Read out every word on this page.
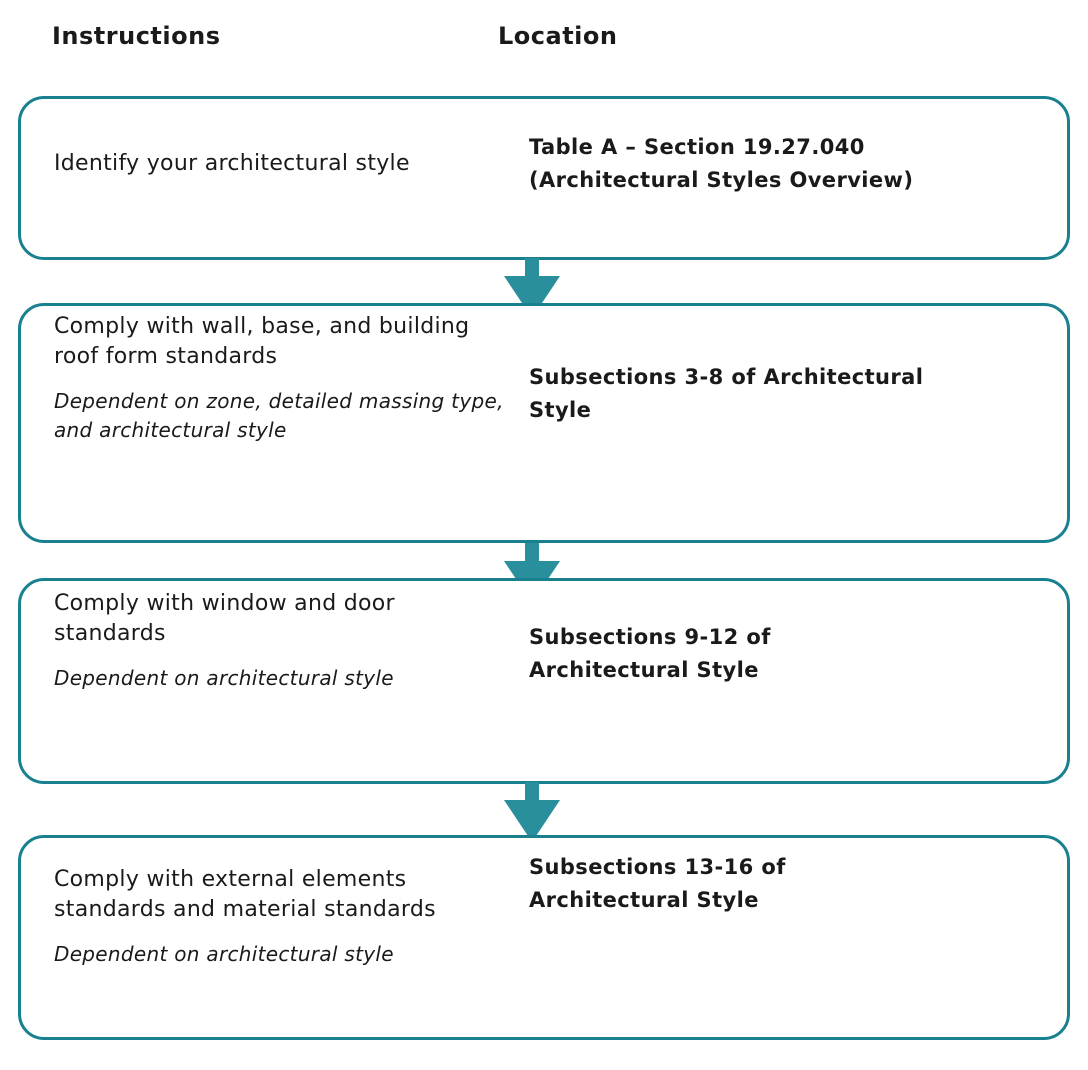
Instructions	Location
Identify your architectural style
Table A – Section 19.27.040
(Architectural Styles Overview)
Comply with wall, base, and building roof form standards
Dependent on zone, detailed massing type, and architectural style
Subsections 3-8 of Architectural
Style
Comply with window and door standards
Dependent on architectural style
Subsections 9-12 of
Architectural Style
Comply with external elements standards and material standards
Dependent on architectural style
Subsections 13-16 of
Architectural Style
